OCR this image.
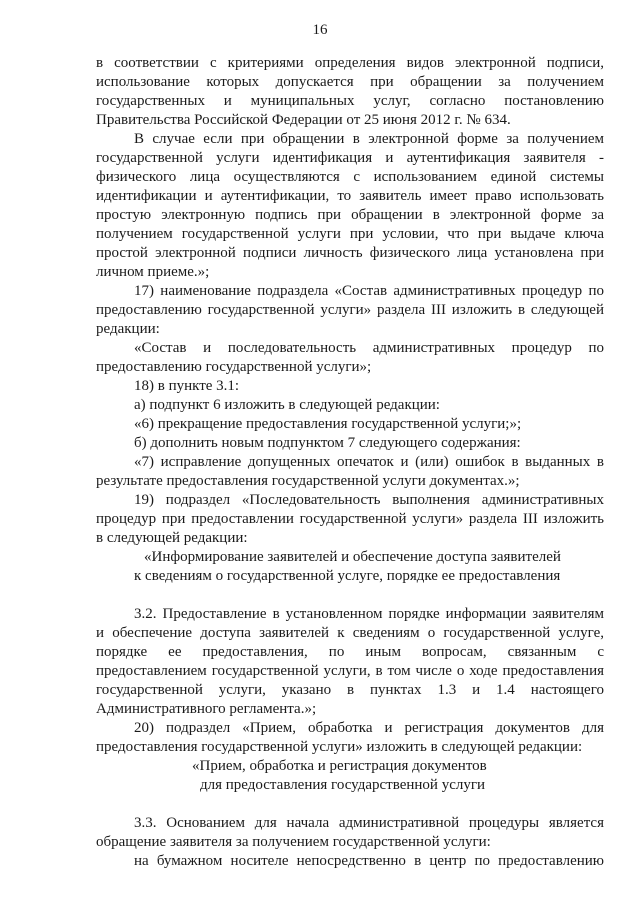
16
в соответствии с критериями определения видов электронной подписи,
использование которых допускается при обращении за получением
государственных и муниципальных услуг, согласно постановлению
Правительства Российской Федерации от 25 июня 2012 г. № 634.
В случае если при обращении в электронной форме за получением
государственной услуги идентификация и аутентификация заявителя -
физического лица осуществляются с использованием единой системы
идентификации и аутентификации, то заявитель имеет право использовать
простую электронную подпись при обращении в электронной форме за
получением государственной услуги при условии, что при выдаче ключа
простой электронной подписи личность физического лица установлена при
личном приеме.»;
17) наименование подраздела «Состав административных процедур по
предоставлению государственной услуги» раздела III изложить в следующей
редакции:
«Состав и последовательность административных процедур по
предоставлению государственной услуги»;
18) в пункте 3.1:
а) подпункт 6 изложить в следующей редакции:
«6) прекращение предоставления государственной услуги;»;
б) дополнить новым подпунктом 7 следующего содержания:
«7) исправление допущенных опечаток и (или) ошибок в выданных в
результате предоставления государственной услуги документах.»;
19) подраздел «Последовательность выполнения административных
процедур при предоставлении государственной услуги» раздела III изложить
в следующей редакции:
«Информирование заявителей и обеспечение доступа заявителей
к сведениям о государственной услуге, порядке ее предоставления
3.2. Предоставление в установленном порядке информации заявителям
и обеспечение доступа заявителей к сведениям о государственной услуге,
порядке ее предоставления, по иным вопросам, связанным с
предоставлением государственной услуги, в том числе о ходе предоставления
государственной услуги, указано в пунктах 1.3 и 1.4 настоящего
Административного регламента.»;
20) подраздел «Прием, обработка и регистрация документов для
предоставления государственной услуги» изложить в следующей редакции:
«Прием, обработка и регистрация документов
для предоставления государственной услуги
3.3. Основанием для начала административной процедуры является
обращение заявителя за получением государственной услуги:
на бумажном носителе непосредственно в центр по предоставлению
